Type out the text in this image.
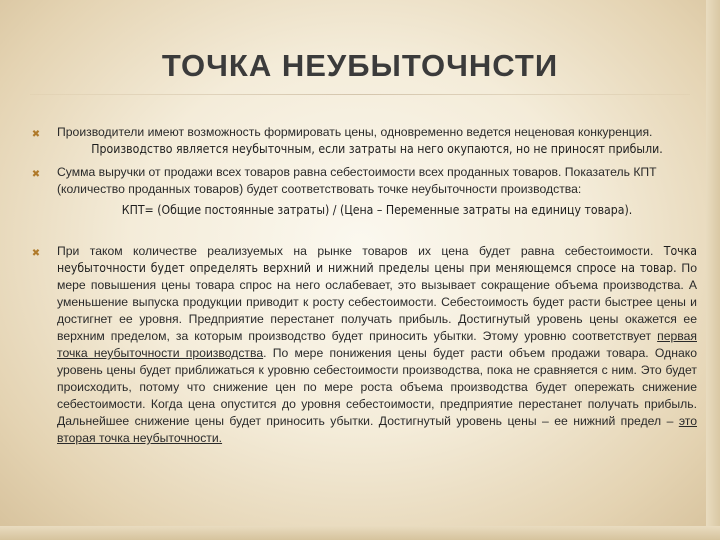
ТОЧКА НЕУБЫТОЧНСТИ
✖ Производители имеют возможность формировать цены, одновременно ведется неценовая конкуренция.
Производство является неубыточным, если затраты на него окупаются, но не приносят прибыли.

✖ Сумма выручки от продажи всех товаров равна себестоимости всех проданных товаров. Показатель КПТ (количество проданных товаров) будет соответствовать точке неубыточности производства:
КПТ= (Общие постоянные затраты) / (Цена – Переменные затраты на единицу товара).

✖ При таком количестве реализуемых на рынке товаров их цена будет равна себестоимости. Точка неубыточности будет определять верхний и нижний пределы цены при меняющемся спросе на товар. По мере повышения цены товара спрос на него ослабевает, это вызывает сокращение объема производства. А уменьшение выпуска продукции приводит к росту себестоимости. Себестоимость будет расти быстрее цены и достигнет ее уровня. Предприятие перестанет получать прибыль. Достигнутый уровень цены окажется ее верхним пределом, за которым производство будет приносить убытки. Этому уровню соответствует первая точка неубыточности производства. По мере понижения цены будет расти объем продажи товара. Однако уровень цены будет приближаться к уровню себестоимости производства, пока не сравняется с ним. Это будет происходить, потому что снижение цен по мере роста объема производства будет опережать снижение себестоимости. Когда цена опустится до уровня себестоимости, предприятие перестанет получать прибыль. Дальнейшее снижение цены будет приносить убытки. Достигнутый уровень цены – ее нижний предел – это вторая точка неубыточности.
